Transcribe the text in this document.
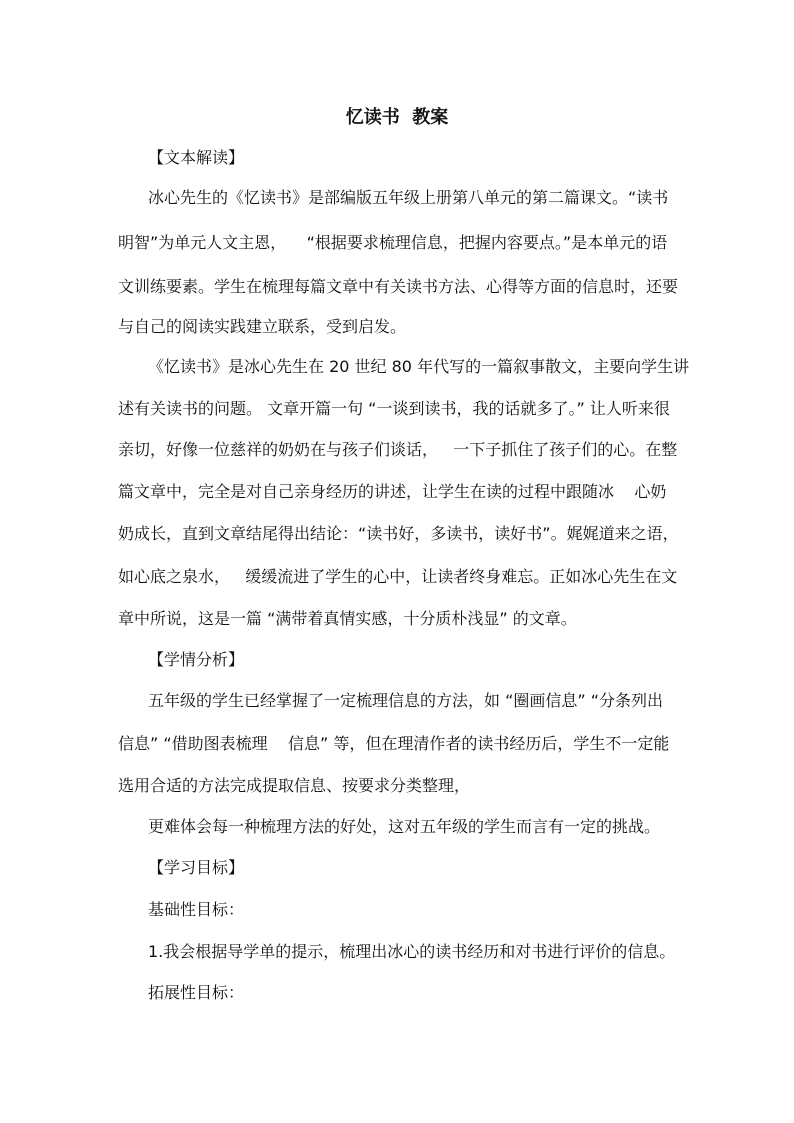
忆读书  教案
【文本解读】
冰心先生的《忆读书》是部编版五年级上册第八单元的第二篇课文。“读书
明智”为单元人文主恩，    “根据要求梳理信息，把握内容要点。”是本单元的语
文训练要素。学生在梳理每篇文章中有关读书方法、心得等方面的信息时，还要
与自己的阅读实践建立联系，受到启发。
《忆读书》是冰心先生在 20 世纪 80 年代写的一篇叙事散文，主要向学生讲
述有关读书的问题。 文章开篇一句 “一谈到读书，我的话就多了。” 让人听来很
亲切，好像一位慈祥的奶奶在与孩子们谈话，   一下子抓住了孩子们的心。在整
篇文章中，完全是对自己亲身经历的讲述，让学生在读的过程中跟随冰    心奶
奶成长，直到文章结尾得出结论：“读书好，多读书，读好书”。娓娓道来之语，
如心底之泉水，   缓缓流进了学生的心中，让读者终身难忘。正如冰心先生在文
章中所说，这是一篇 “满带着真情实感，十分质朴浅显” 的文章。
【学情分析】
五年级的学生已经掌握了一定梳理信息的方法，如 “圈画信息” “分条列出
信息” “借助图表梳理    信息” 等，但在理清作者的读书经历后，学生不一定能
选用合适的方法完成提取信息、按要求分类整理，
更难体会每一种梳理方法的好处，这对五年级的学生而言有一定的挑战。
【学习目标】
基础性目标：
1.我会根据导学单的提示，梳理出冰心的读书经历和对书进行评价的信息。
拓展性目标：
